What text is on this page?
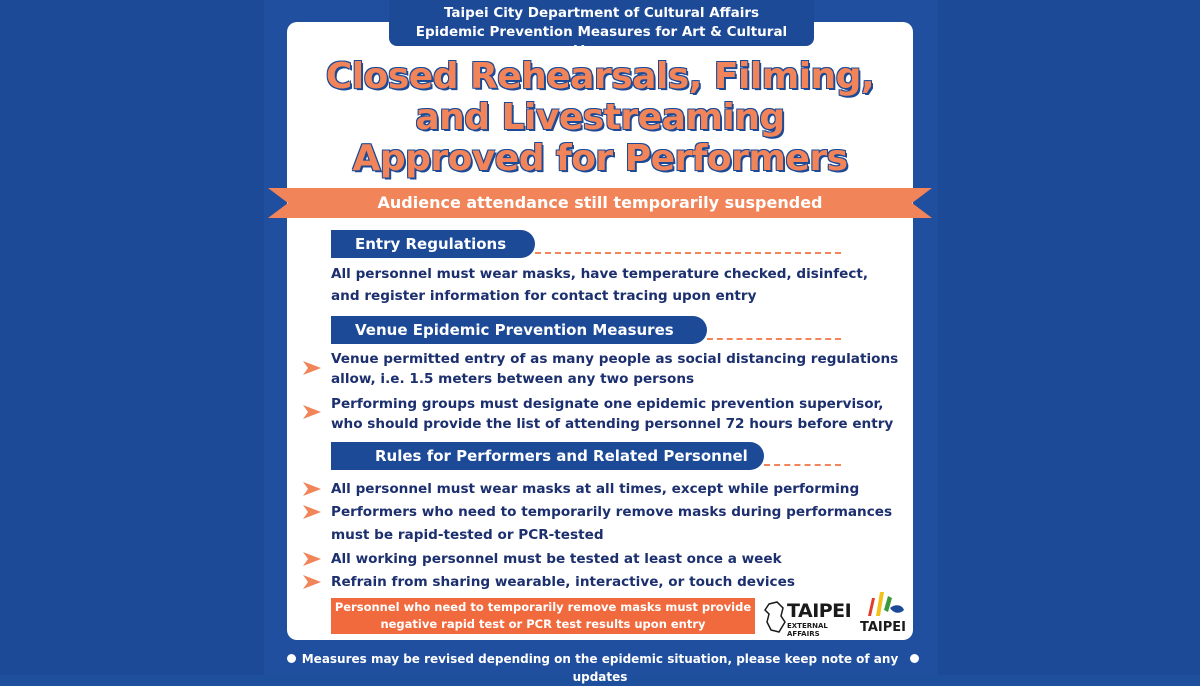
Taipei City Department of Cultural Affairs
Epidemic Prevention Measures for Art & Cultural Venues
Closed Rehearsals, Filming,
and Livestreaming
Approved for Performers
Audience attendance still temporarily suspended
Entry Regulations
All personnel must wear masks, have temperature checked, disinfect,
and register information for contact tracing upon entry
Venue Epidemic Prevention Measures
Venue permitted entry of as many people as social distancing regulations
allow, i.e. 1.5 meters between any two persons
Performing groups must designate one epidemic prevention supervisor,
who should provide the list of attending personnel 72 hours before entry
Rules for Performers and Related Personnel
All personnel must wear masks at all times, except while performing
Performers who need to temporarily remove masks during performances
must be rapid-tested or PCR-tested
All working personnel must be tested at least once a week
Refrain from sharing wearable, interactive, or touch devices
Personnel who need to temporarily remove masks must provide
negative rapid test or PCR test results upon entry
TAIPEI
EXTERNAL AFFAIRS	TAIPEI
Measures may be revised depending on the epidemic situation, please keep note of any updates
